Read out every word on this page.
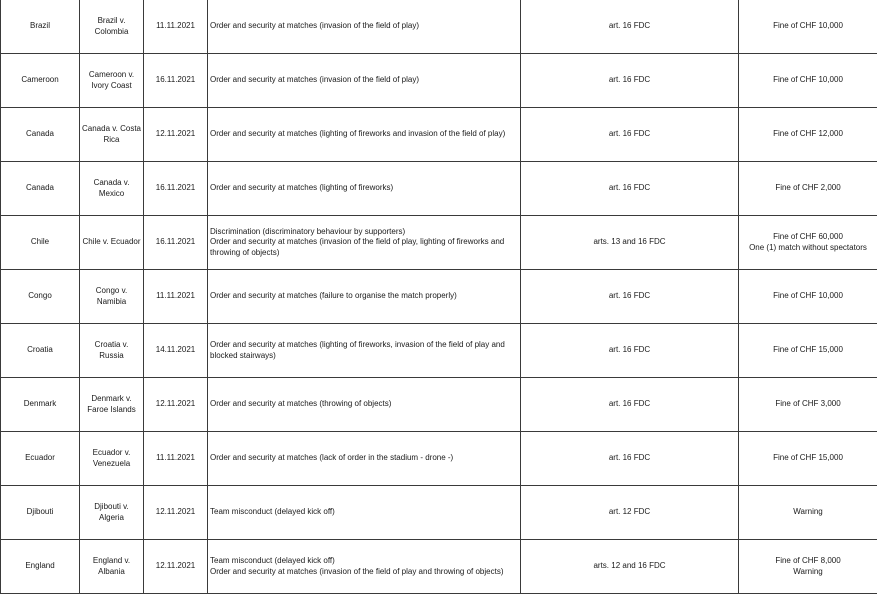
Brazil	Brazil v.
Colombia	11.11.2021	Order and security at matches (invasion of the field of play)	art. 16 FDC	Fine of CHF 10,000

Cameroon	Cameroon v.
Ivory Coast	16.11.2021	Order and security at matches (invasion of the field of play)	art. 16 FDC	Fine of CHF 10,000

Canada	Canada v. Costa
Rica	12.11.2021	Order and security at matches (lighting of fireworks and invasion of the field of play)	art. 16 FDC	Fine of CHF 12,000

Canada	Canada v.
Mexico	16.11.2021	Order and security at matches (lighting of fireworks)	art. 16 FDC	Fine of CHF 2,000

Chile	Chile v. Ecuador	16.11.2021	Discrimination (discriminatory behaviour by supporters)
Order and security at matches (invasion of the field of play, lighting of fireworks and
throwing of objects)	arts. 13 and 16 FDC	Fine of CHF 60,000
One (1) match without spectators

Congo	Congo v.
Namibia	11.11.2021	Order and security at matches (failure to organise the match properly)	art. 16 FDC	Fine of CHF 10,000

Croatia	Croatia v. Russia	14.11.2021	Order and security at matches (lighting of fireworks, invasion of the field of play and
blocked stairways)	art. 16 FDC	Fine of CHF 15,000

Denmark	Denmark v.
Faroe Islands	12.11.2021	Order and security at matches (throwing of objects)	art. 16 FDC	Fine of CHF 3,000

Ecuador	Ecuador v.
Venezuela	11.11.2021	Order and security at matches (lack of order in the stadium - drone -)	art. 16 FDC	Fine of CHF 15,000

Djibouti	Djibouti v.
Algeria	12.11.2021	Team misconduct (delayed kick off)	art. 12 FDC	Warning

England	England v.
Albania	12.11.2021	Team misconduct (delayed kick off)
Order and security at matches (invasion of the field of play and throwing of objects)	arts. 12 and 16 FDC	Fine of CHF 8,000
Warning
